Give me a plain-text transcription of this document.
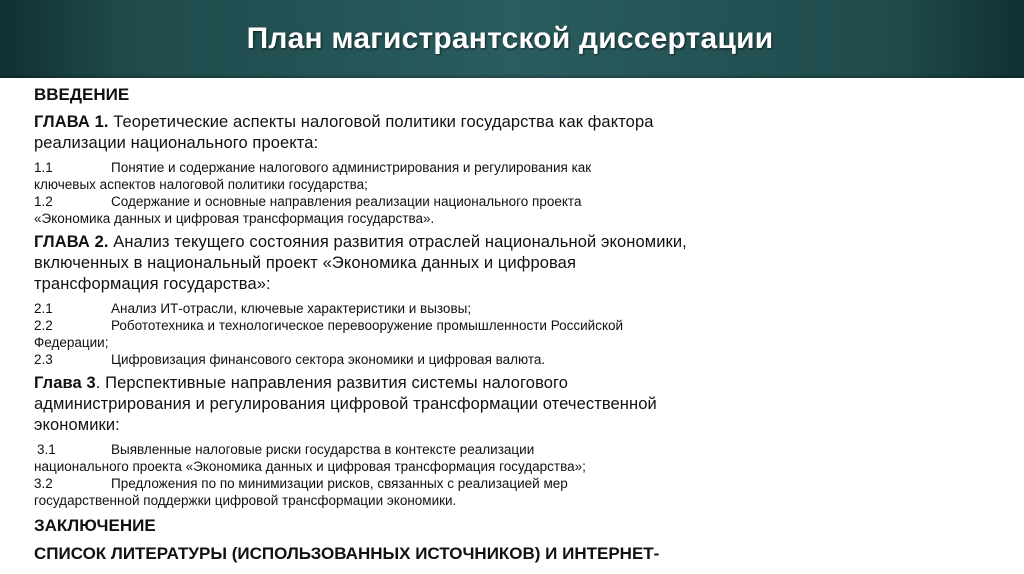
План магистрантской диссертации

ВВЕДЕНИЕ

ГЛАВА 1. Теоретические аспекты налоговой политики государства как фактора

реализации национального проекта:

1.1	Понятие и содержание налогового администрирования и регулирования как

ключевых аспектов налоговой политики государства;

1.2	Содержание и основные направления реализации национального проекта

«Экономика данных и цифровая трансформация государства».

ГЛАВА 2. Анализ текущего состояния развития отраслей национальной экономики,

включенных в национальный проект «Экономика данных и цифровая

трансформация государства»:

2.1	Анализ ИТ-отрасли, ключевые характеристики и вызовы;

2.2	Робототехника и технологическое перевооружение промышленности Российской

Федерации;

2.3	Цифровизация финансового сектора экономики и цифровая валюта.

Глава 3. Перспективные направления развития системы налогового

администрирования и регулирования цифровой трансформации отечественной

экономики:

3.1	Выявленные налоговые риски государства в контексте реализации

национального проекта «Экономика данных и цифровая трансформация государства»;

3.2	Предложения по по минимизации рисков, связанных с реализацией мер

государственной поддержки цифровой трансформации экономики.

ЗАКЛЮЧЕНИЕ

СПИСОК ЛИТЕРАТУРЫ (ИСПОЛЬЗОВАННЫХ ИСТОЧНИКОВ) И ИНТЕРНЕТ-
